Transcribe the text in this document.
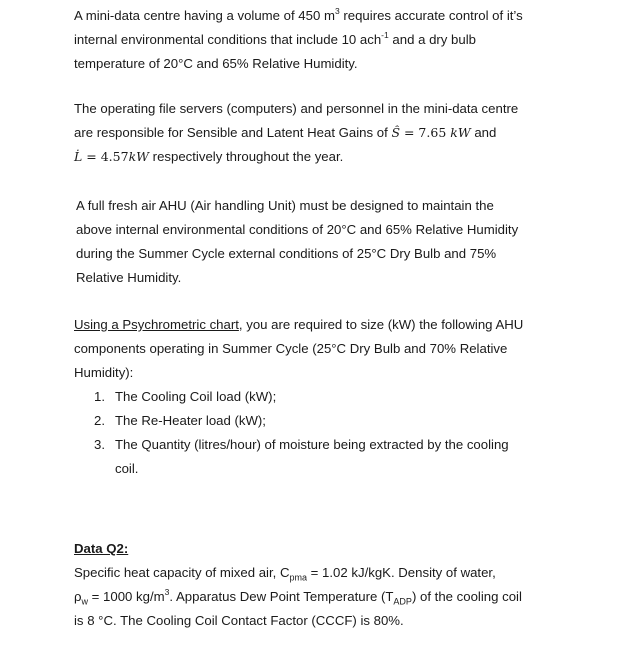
A mini-data centre having a volume of 450 $m^3$ requires accurate control of it’s

internal environmental conditions that include 10 ach$^{-1}$ and a dry bulb

temperature of 20°C and 65% Relative Humidity.

The operating file servers (computers) and personnel in the mini-data centre

are responsible for Sensible and Latent Heat Gains of Ŝ = 7.65 kW and

L̇ = 4.57kW respectively throughout the year.

A full fresh air AHU (Air handling Unit) must be designed to maintain the

above internal environmental conditions of 20°C and 65% Relative Humidity

during the Summer Cycle external conditions of 25°C Dry Bulb and 75%

Relative Humidity.

Using a Psychrometric chart, you are required to size (kW) the following AHU

components operating in Summer Cycle (25°C Dry Bulb and 70% Relative

Humidity):

1. The Cooling Coil load (kW);
2. The Re-Heater load (kW);
3. The Quantity (litres/hour) of moisture being extracted by the cooling
coil.

Data Q2:

Specific heat capacity of mixed air, $C_{pma} = 1.02$ kJ/kgK. Density of water,

$\rho_w = 1000$ $kg/m^3$. Apparatus Dew Point Temperature $(T_{ADP})$ of the cooling coil

is 8 °C. The Cooling Coil Contact Factor (CCCF) is 80%.
